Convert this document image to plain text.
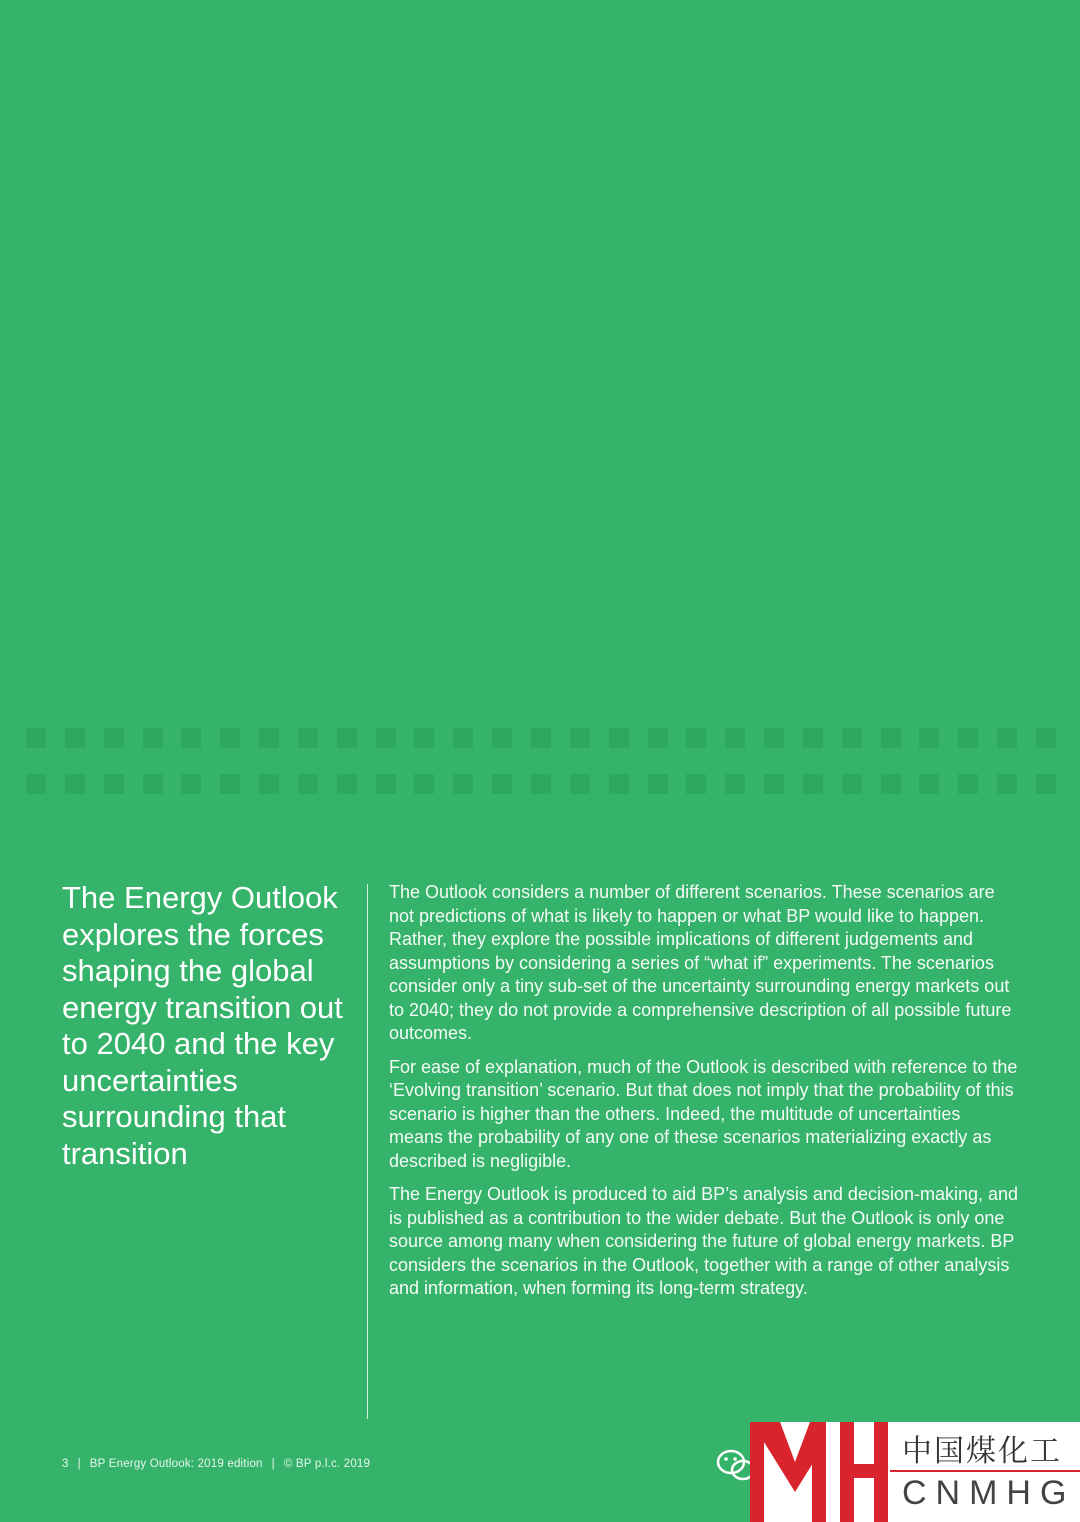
The Energy Outlook explores the forces shaping the global energy transition out to 2040 and the key uncertainties surrounding that transition

The Outlook considers a number of different scenarios. These scenarios are not predictions of what is likely to happen or what BP would like to happen. Rather, they explore the possible implications of different judgements and assumptions by considering a series of “what if” experiments. The scenarios consider only a tiny sub-set of the uncertainty surrounding energy markets out to 2040; they do not provide a comprehensive description of all possible future outcomes.

For ease of explanation, much of the Outlook is described with reference to the ‘Evolving transition’ scenario. But that does not imply that the probability of this scenario is higher than the others. Indeed, the multitude of uncertainties means the probability of any one of these scenarios materializing exactly as described is negligible.

The Energy Outlook is produced to aid BP’s analysis and decision-making, and is published as a contribution to the wider debate. But the Outlook is only one source among many when considering the future of global energy markets. BP considers the scenarios in the Outlook, together with a range of other analysis and information, when forming its long-term strategy.

3 | BP Energy Outlook: 2019 edition | © BP p.l.c. 2019	中国煤化工
CNMHG
